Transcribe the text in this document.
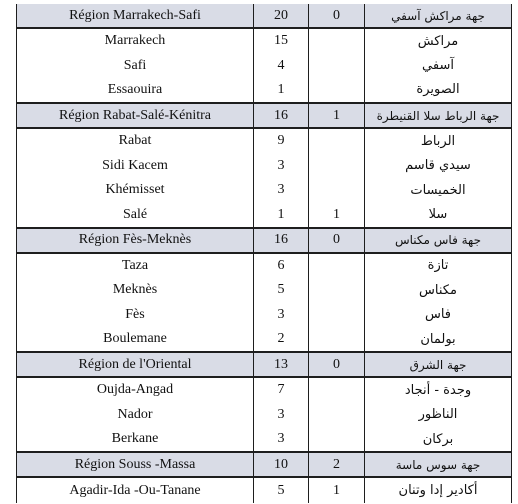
Région Marrakech-Safi	20	0	جهة مراكش آسفي
Marrakech	15		مراكش
Safi	4		آسفي
Essaouira	1		الصويرة
Région Rabat-Salé-Kénitra	16	1	جهة الرباط سلا القنيطرة
Rabat	9		الرباط
Sidi Kacem	3		سيدي قاسم
Khémisset	3		الخميسات
Salé	1	1	سلا
Région Fès-Meknès	16	0	جهة فاس مكناس
Taza	6		تازة
Meknès	5		مكناس
Fès	3		فاس
Boulemane	2		بولمان
Région de l'Oriental	13	0	جهة الشرق
Oujda-Angad	7		وجدة - أنجاد
Nador	3		الناظور
Berkane	3		بركان
Région Souss -Massa	10	2	جهة سوس ماسة
Agadir-Ida -Ou-Tanane	5	1	أكادير إدا وتنان
